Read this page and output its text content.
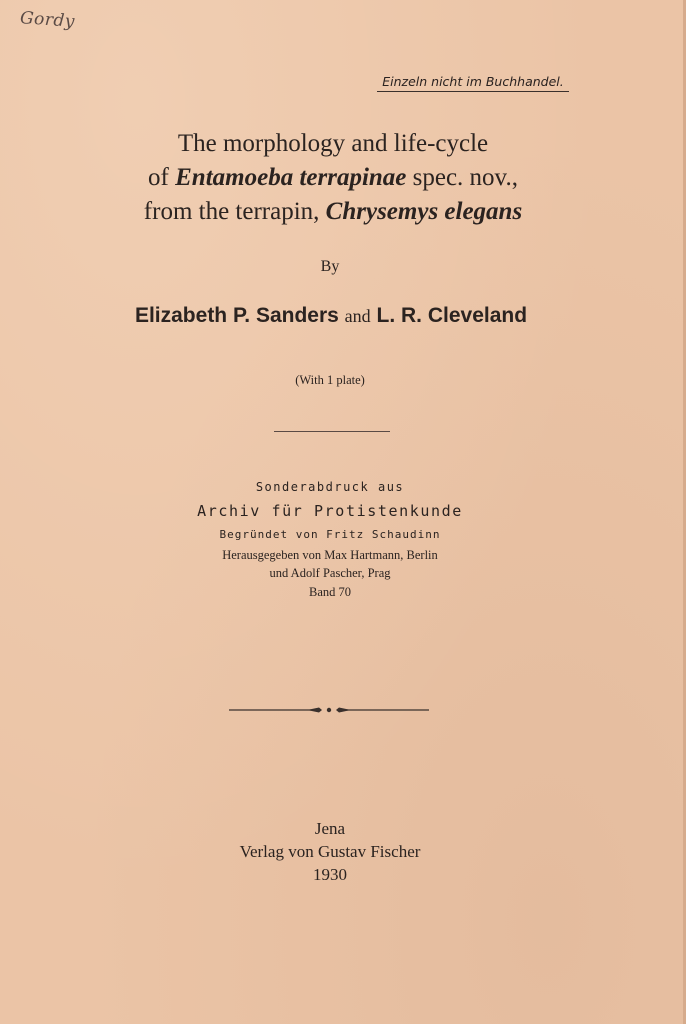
Gordy
Einzeln nicht im Buchhandel.
The morphology and life-cycle
of Entamoeba terrapinae spec. nov.,
from the terrapin, Chrysemys elegans
By
Elizabeth P. Sanders and L. R. Cleveland
(With 1 plate)
Sonderabdruck aus
Archiv für Protistenkunde
Begründet von Fritz Schaudinn
Herausgegeben von Max Hartmann, Berlin
und Adolf Pascher, Prag
Band 70
Jena
Verlag von Gustav Fischer
1930
